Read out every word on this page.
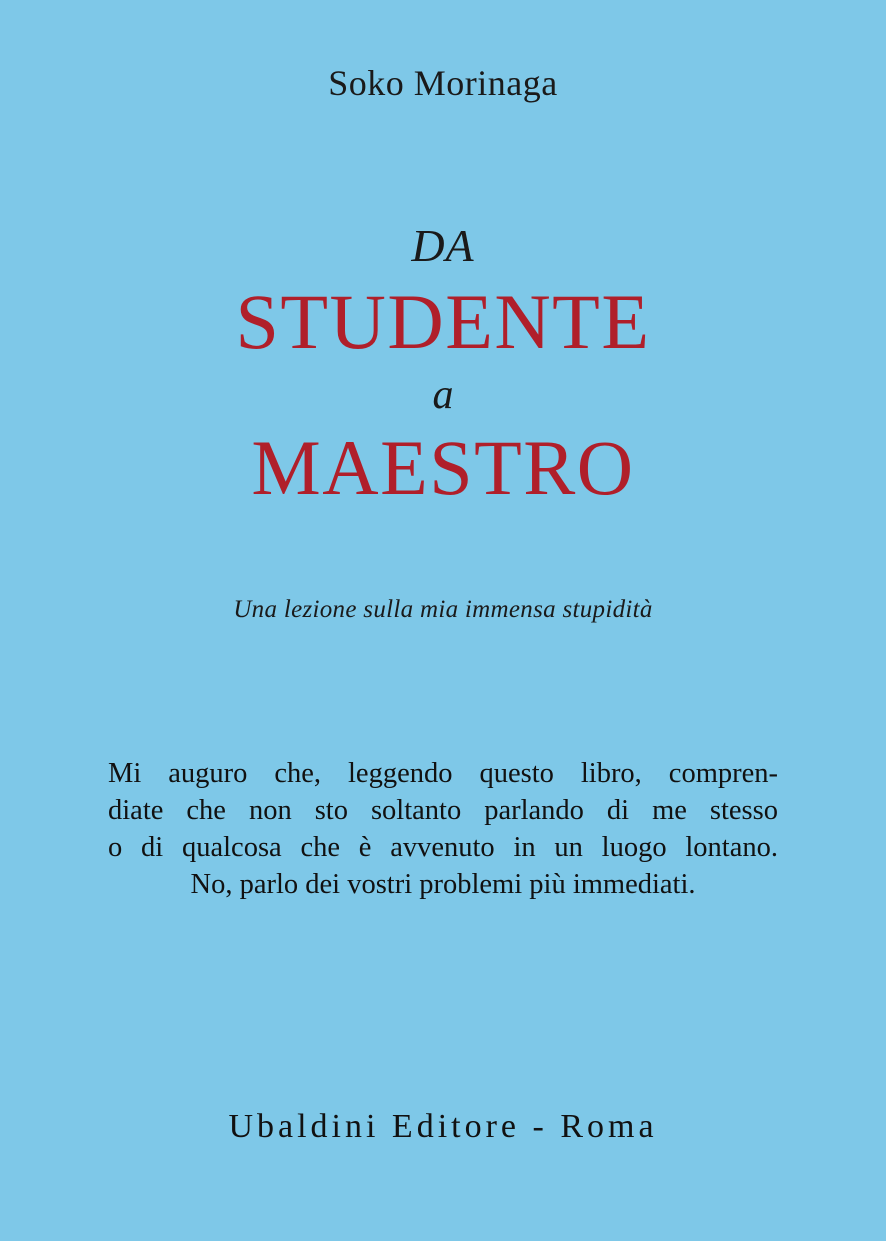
Soko Morinaga
DA
STUDENTE
a
MAESTRO
Una lezione sulla mia immensa stupidità
Mi auguro che, leggendo questo libro, compren-
diate che non sto soltanto parlando di me stesso
o di qualcosa che è avvenuto in un luogo lontano.
No, parlo dei vostri problemi più immediati.
Ubaldini Editore - Roma
